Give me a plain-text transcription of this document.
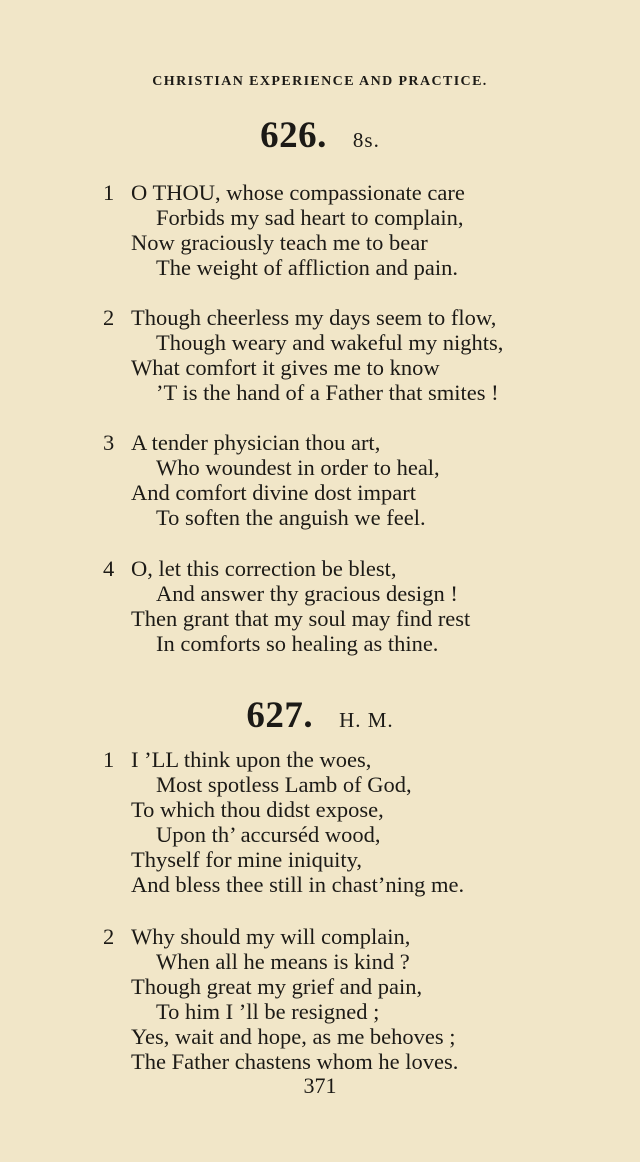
CHRISTIAN EXPERIENCE AND PRACTICE.
626. 8s.
1 O THOU, whose compassionate care
Forbids my sad heart to complain,
Now graciously teach me to bear
The weight of affliction and pain.
2 Though cheerless my days seem to flow,
Though weary and wakeful my nights,
What comfort it gives me to know
’T is the hand of a Father that smites !
3 A tender physician thou art,
Who woundest in order to heal,
And comfort divine dost impart
To soften the anguish we feel.
4 O, let this correction be blest,
And answer thy gracious design !
Then grant that my soul may find rest
In comforts so healing as thine.
627. H. M.
1 I ’LL think upon the woes,
Most spotless Lamb of God,
To which thou didst expose,
Upon th’ accurséd wood,
Thyself for mine iniquity,
And bless thee still in chast’ning me.
2 Why should my will complain,
When all he means is kind ?
Though great my grief and pain,
To him I ’ll be resigned ;
Yes, wait and hope, as me behoves ;
The Father chastens whom he loves.
371
